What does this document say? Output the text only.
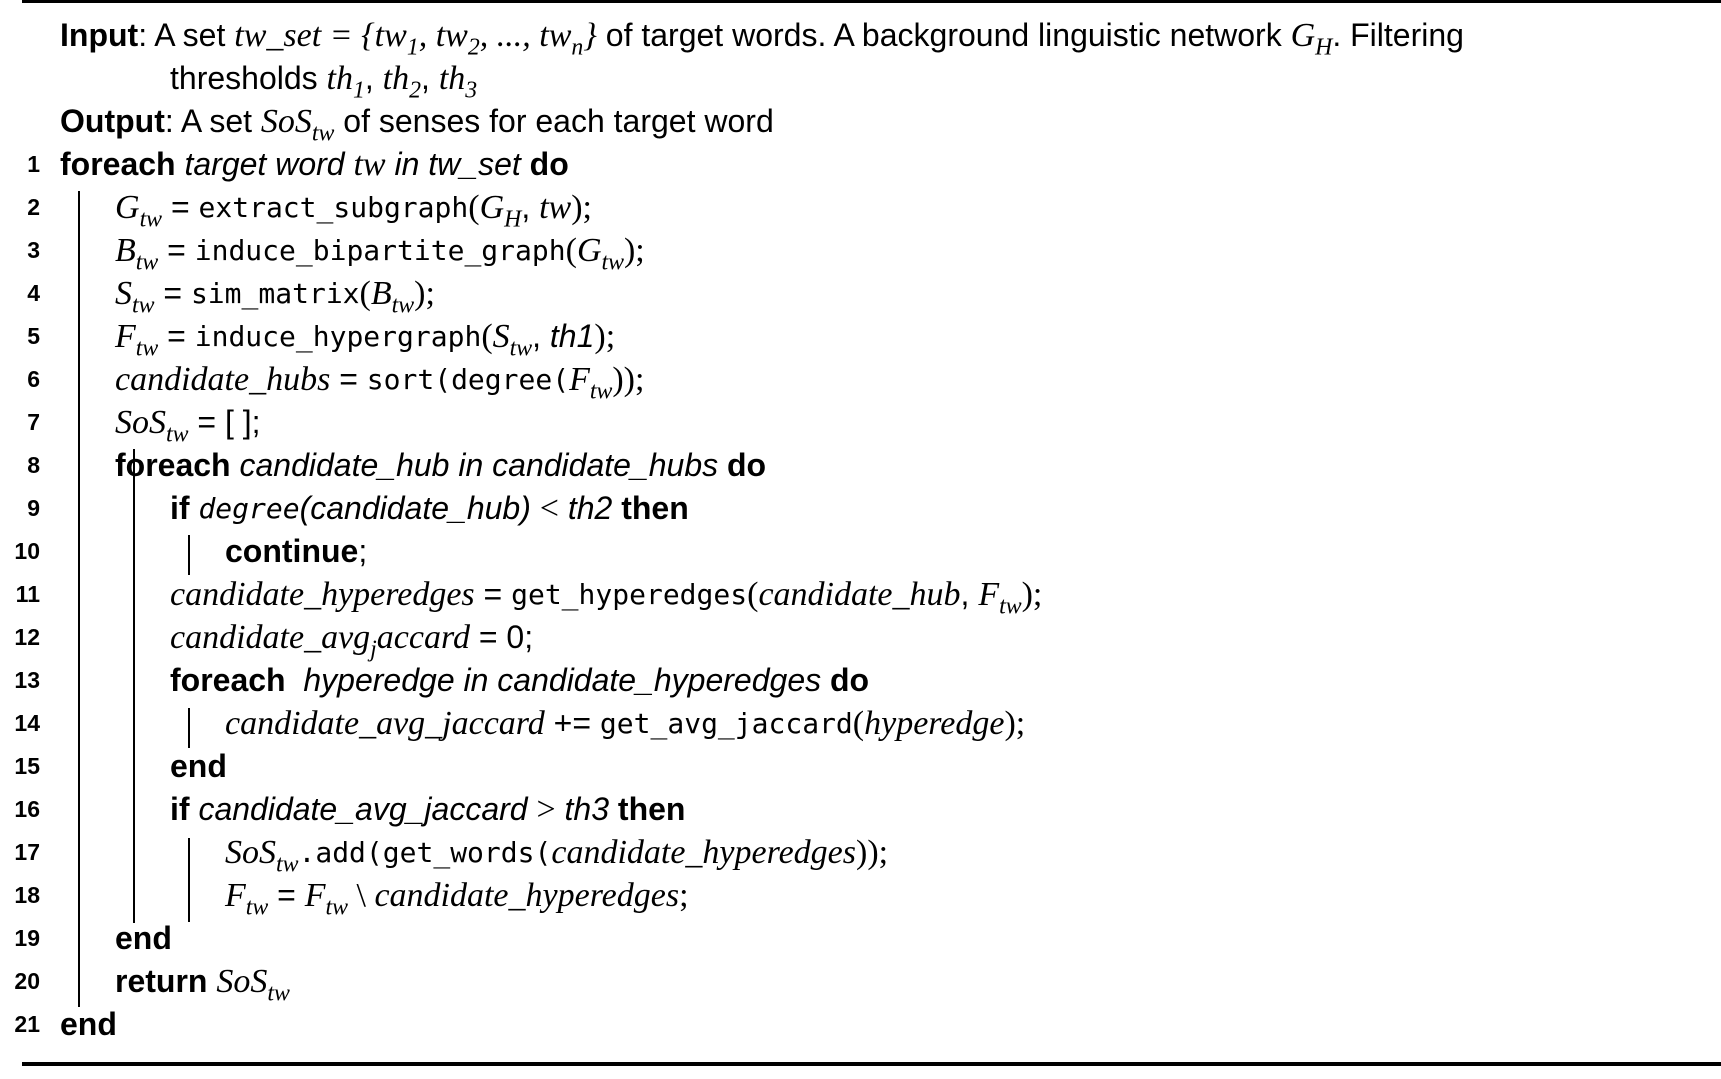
Input : A set tw_set = {$tw_1$, $tw_2$, ..., $tw_n$} of target words. A background linguistic network $G_H$ . Filtering
thresholds $th_1$ , $th_2$ , $th_3$
Output : A set SoS$_{tw}$ of senses for each target word
1 foreach
target word tw in tw_set
do
2 $G_{tw}$ = extract_subgraph ( $G_H$ , tw );
3 $B_{tw}$ = induce_bipartite_graph ( $G_{tw}$ );
4 $S_{tw}$ = sim_matrix ( $B_{tw}$ );
5 $F_{tw}$ = induce_hypergraph ( $S_{tw}$ , th1 );
6 candidate_hubs = sort(degree( $F_{tw}$ ));
7 SoS$_{tw}$ = [ ];
8 foreach
candidate_hub in candidate_hubs
do
9	if
degree (candidate_hub) < th2
then
10	continue ;
11	candidate_hyperedges = get_hyperedges ( candidate_hub , $F_{tw}$ );
12	candidate_avg$_j$accard = 0;
13	foreach
hyperedge in candidate_hyperedges
do
14	candidate_avg_jaccard += get_avg_jaccard ( hyperedge );
15	end
16	if
candidate_avg_jaccard > th3
then
17	SoS$_{tw}$ .add(get_words( candidate_hyperedges ));
18	$F_{tw} = F_{tw}$ \ candidate_hyperedges ;
19 end
20 return
SoS$_{tw}$
21 end
